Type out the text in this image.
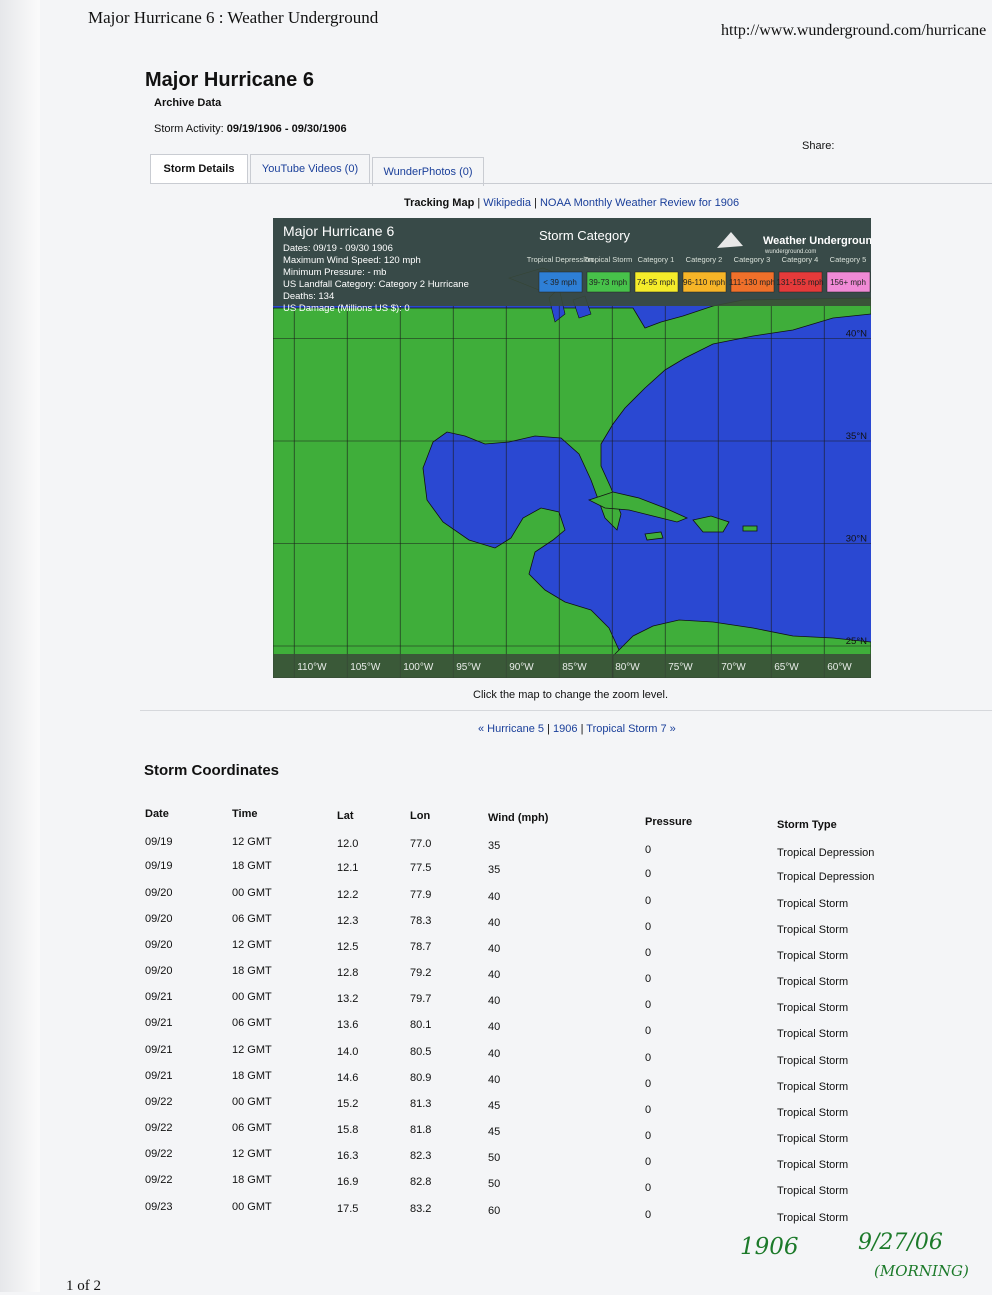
Major Hurricane 6 : Weather Underground
http://www.wunderground.com/hurricane
Major Hurricane 6
Archive Data
Storm Activity: 09/19/1906 - 09/30/1906
Share:
Storm Details	YouTube Videos (0)	WunderPhotos (0)
Tracking Map | Wikipedia | NOAA Monthly Weather Review for 1906
Major Hurricane 6
Dates: 09/19 - 09/30 1906
Maximum Wind Speed: 120 mph
Minimum Pressure: - mb
US Landfall Category: Category 2 Hurricane
Deaths: 134
US Damage (Millions US $): 0
Storm Category
Tropical Depression
< 39 mph
Tropical Storm
39-73 mph
Category 1
74-95 mph
Category 2
96-110 mph
Category 3
111-130 mph
Category 4
131-155 mph
Category 5
156+ mph
Weather Underground
wunderground.com
40°N
35°N
30°N
25°N
110°W 105°W 100°W 95°W	90°W	85°W	80°W	75°W	70°W	65°W	60°W
Click the map to change the zoom level.
« Hurricane 5 | 1906 | Tropical Storm 7 »
Storm Coordinates
Date	Time	Lat	Lon	Wind (mph)	Pressure	Storm Type
09/19	12 GMT	12.0	77.0	35	0	Tropical Depression
09/19	18 GMT	12.1	77.5	35	0	Tropical Depression
09/20	00 GMT	12.2	77.9	40	0	Tropical Storm
09/20	06 GMT	12.3	78.3	40	0	Tropical Storm
09/20	12 GMT	12.5	78.7	40	0	Tropical Storm
09/20	18 GMT	12.8	79.2	40	0	Tropical Storm
09/21	00 GMT	13.2	79.7	40	0	Tropical Storm
09/21	06 GMT	13.6	80.1	40	0	Tropical Storm
09/21	12 GMT	14.0	80.5	40	0	Tropical Storm
09/21	18 GMT	14.6	80.9	40	0	Tropical Storm
09/22	00 GMT	15.2	81.3	45	0	Tropical Storm
09/22	06 GMT	15.8	81.8	45	0	Tropical Storm
09/22	12 GMT	16.3	82.3	50	0	Tropical Storm
09/22	18 GMT	16.9	82.8	50	0	Tropical Storm
09/23	00 GMT	17.5	83.2	60	0	Tropical Storm
1906	9/27/06
(MORNING)
1 of 2
